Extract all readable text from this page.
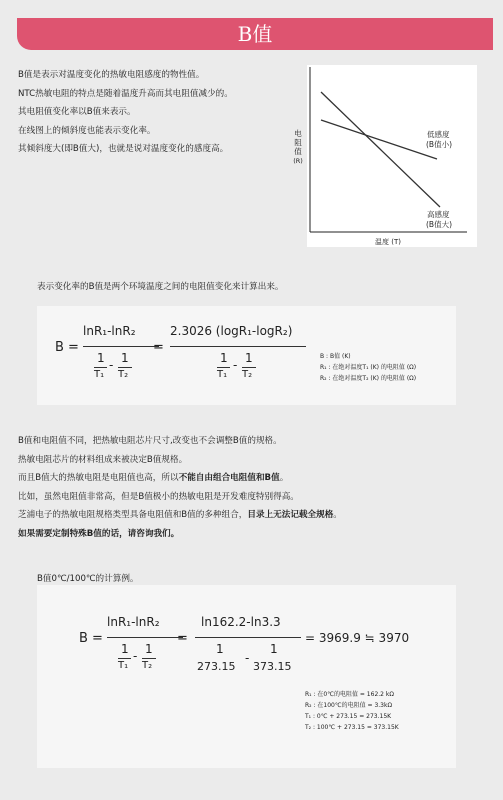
B值

B值是表示对温度变化的热敏电阻感度的物性值。

NTC热敏电阻的特点是随着温度升高而其电阻值减少的。

其电阻值变化率以B值来表示。

在线图上的倾斜度也能表示变化率。

其倾斜度大(即B值大)，也就是说对温度变化的感度高。

电
阻
值
(R)
温度 (T)
低感度
(B值小)
高感度
(B值大)
表示变化率的B值是两个环境温度之间的电阻值变化来计算出来。
B =
lnR₁-lnR₂
1
T₁
- 1
T₂
=
2.3026 (logR₁-logR₂)
1
T₁
- 1
T₂

B : B值 (K)

R₁ : 在绝对温度T₁ (K) 的电阻值 (Ω)

R₂ : 在绝对温度T₂ (K) 的电阻值 (Ω)

B值和电阻值不同，把热敏电阻芯片尺寸,改变也不会调整B值的规格。

热敏电阻芯片的材料组成来被决定B值规格。

而且B值大的热敏电阻是电阻值也高，所以不能自由组合电阻值和B值。

比如，虽然电阻值非常高，但是B值极小的热敏电阻是开发难度特别得高。

芝浦电子的热敏电阻规格类型具备电阻值和B值的多种组合，目录上无法记载全规格。

如果需要定制特殊B值的话，请咨询我们。

B值0℃/100℃的计算例。
B =
lnR₁-lnR₂
1
T₁
- 1
T₂
=
ln162.2-ln3.3
1
273.15
-
1
373.15
= 3969.9 ≒ 3970

R₁ : 在0℃的电阻值 = 162.2 kΩ

R₂ : 在100℃的电阻值 = 3.3kΩ

T₁ : 0℃ + 273.15 = 273.15K

T₂ : 100℃ + 273.15 = 373.15K
